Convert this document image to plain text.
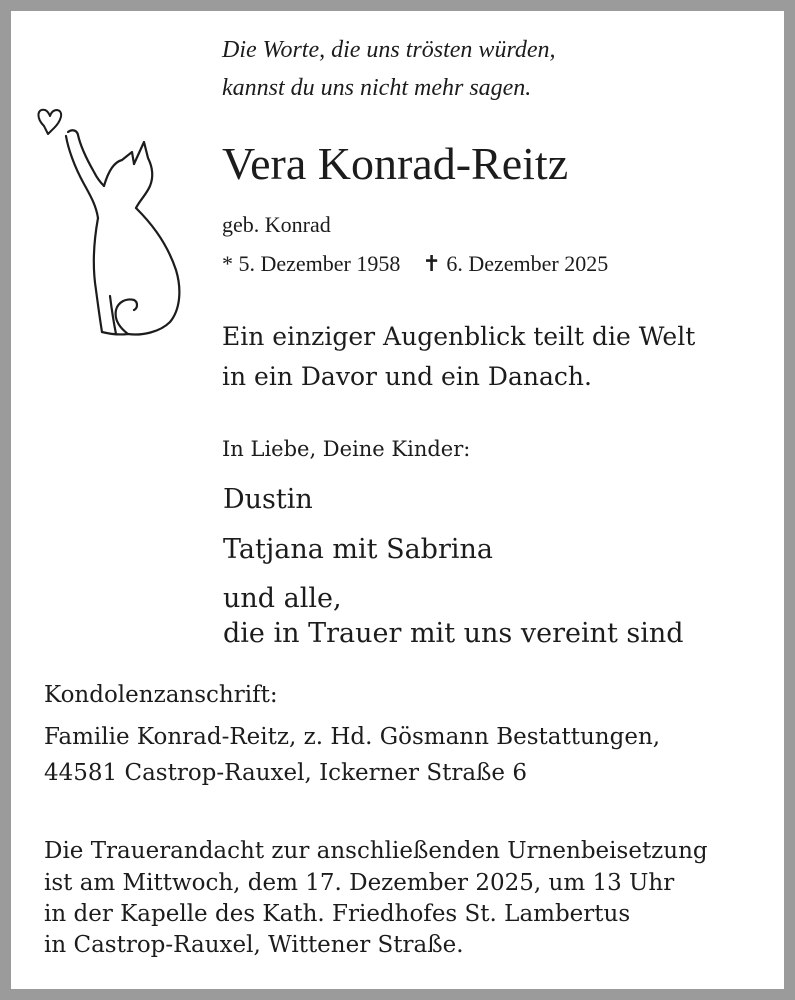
Die Worte, die uns trösten würden,
kannst du uns nicht mehr sagen.
Vera Konrad-Reitz
geb. Konrad
* 5. Dezember 1958 ✝ 6. Dezember 2025
Ein einziger Augenblick teilt die Welt
in ein Davor und ein Danach.
In Liebe, Deine Kinder:
Dustin
Tatjana mit Sabrina
und alle,
die in Trauer mit uns vereint sind
Kondolenzanschrift:
Familie Konrad-Reitz, z. Hd. Gösmann Bestattungen,
44581 Castrop-Rauxel, Ickerner Straße 6
Die Trauerandacht zur anschließenden Urnenbeisetzung
ist am Mittwoch, dem 17. Dezember 2025, um 13 Uhr
in der Kapelle des Kath. Friedhofes St. Lambertus
in Castrop-Rauxel, Wittener Straße.
